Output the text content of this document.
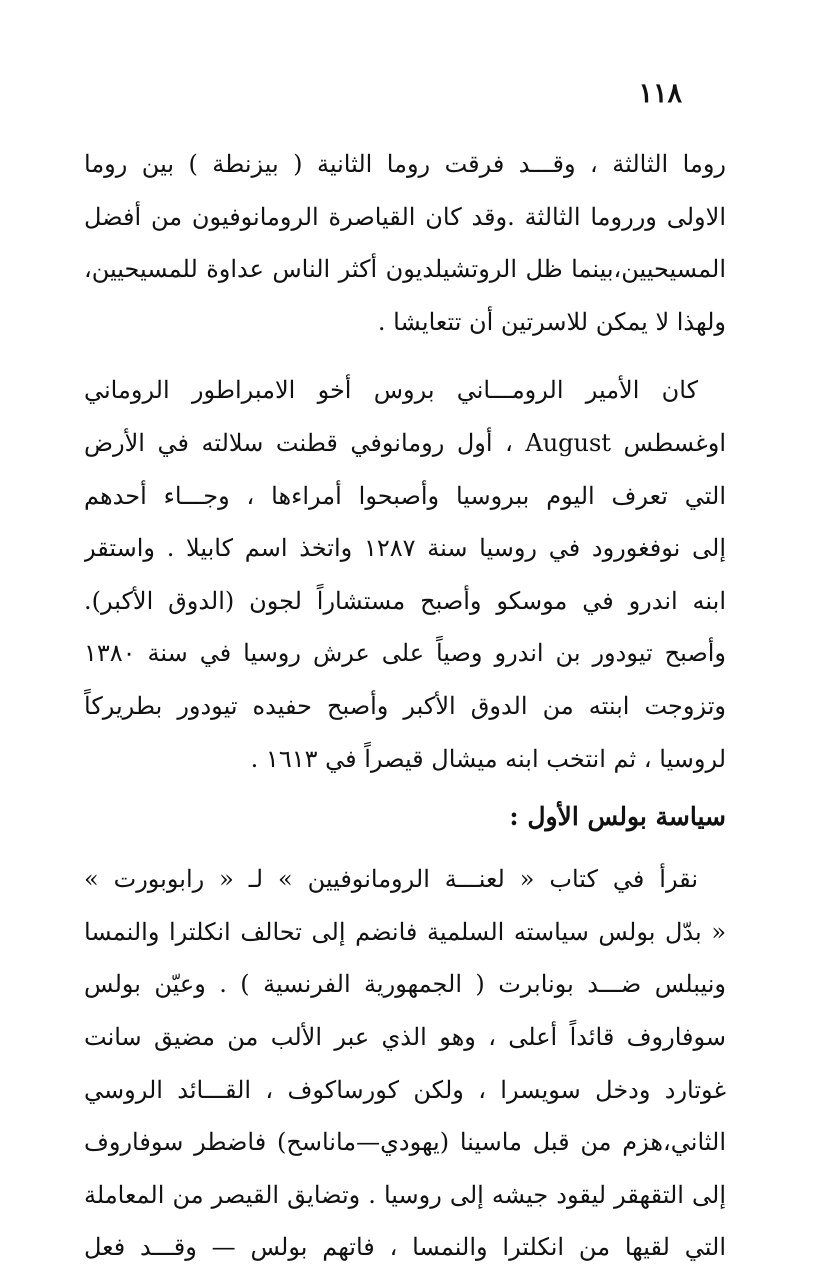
١١٨
روما الثالثة ، وقـــد فرقت روما الثانية ( بيزنطة ) بين روما
الاولى ورروما الثالثة .وقد كان القياصرة الرومانوفيون من أفضل
المسيحيين،بينما ظل الروتشيلديون أكثر الناس عداوة للمسيحيين،
ولهذا لا يمكن للاسرتين أن تتعايشا .
كان الأمير الرومـــاني بروس أخو الامبراطور الروماني
اوغسطس August ، أول رومانوفي قطنت سلالته في الأرض
التي تعرف اليوم ببروسيا وأصبحوا أمراءها ، وجـــاء أحدهم
إلى نوفغورود في روسيا سنة ١٢٨٧ واتخذ اسم كابيلا . واستقر
ابنه اندرو في موسكو وأصبح مستشاراً لجون (الدوق الأكبر).
وأصبح تيودور بن اندرو وصياً على عرش روسيا في سنة ١٣٨٠
وتزوجت ابنته من الدوق الأكبر وأصبح حفيده تيودور بطريركاً
لروسيا ، ثم انتخب ابنه ميشال قيصراً في ١٦١٣ .
سياسة بولس الأول :
نقرأ في كتاب « لعنـــة الرومانوفيين » لـ « رابوبورت »
« بدّل بولس سياسته السلمية فانضم إلى تحالف انكلترا والنمسا
ونيبلس ضـــد بونابرت ( الجمهورية الفرنسية ) . وعيّن بولس
سوفاروف قائداً أعلى ، وهو الذي عبر الألب من مضيق سانت
غوتارد ودخل سويسرا ، ولكن كورساكوف ، القـــائد الروسي
الثاني،هزم من قبل ماسينا (يهودي—ماناسح) فاضطر سوفاروف
إلى التقهقر ليقود جيشه إلى روسيا . وتضايق القيصر من المعاملة
التي لقيها من انكلترا والنمسا ، فاتهم بولس — وقـــد فعل
